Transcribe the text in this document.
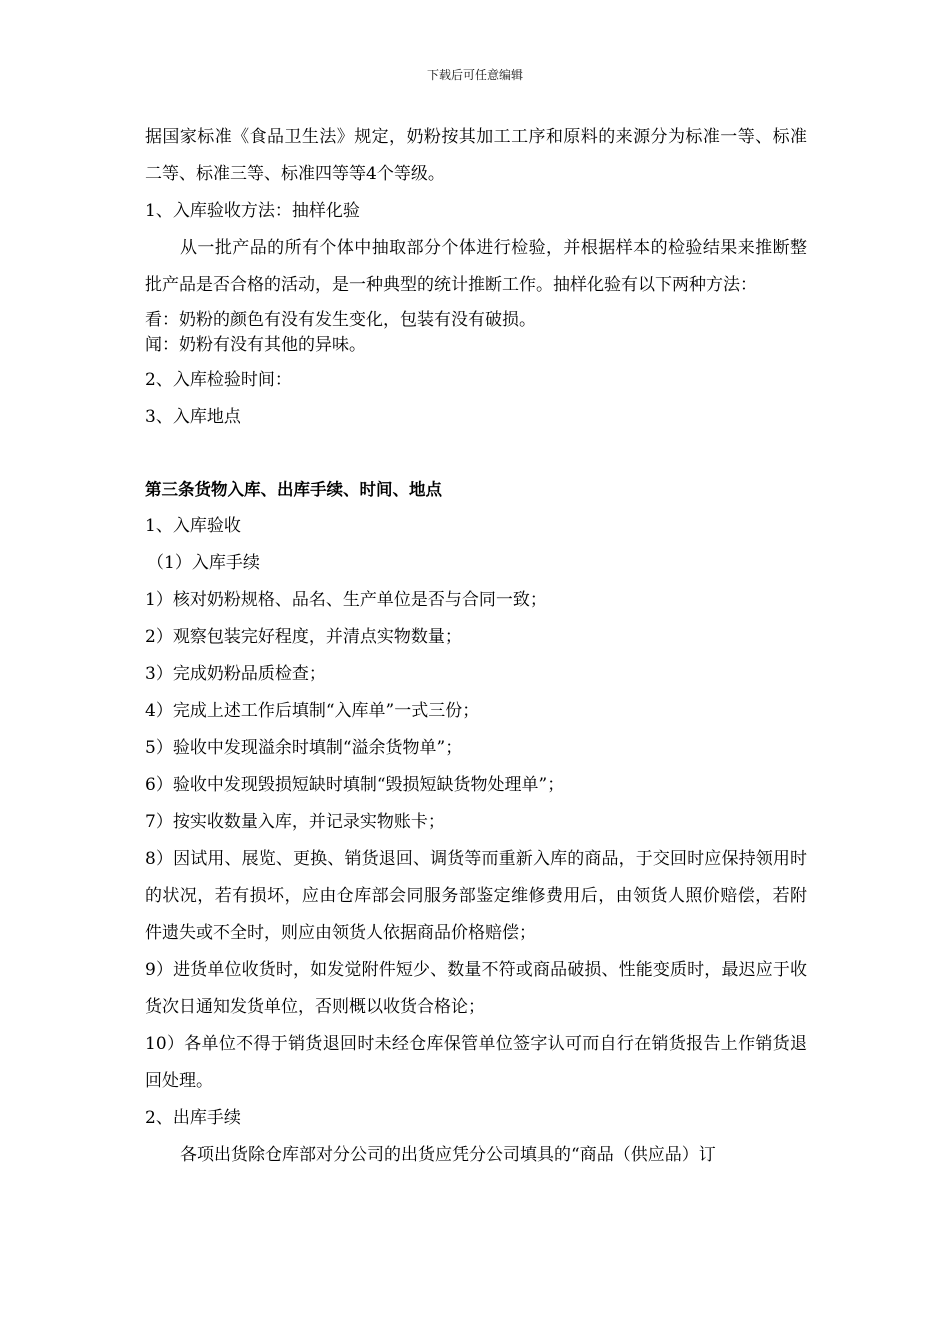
下载后可任意编辑

据国家标准《食品卫生法》规定，奶粉按其加工工序和原料的来源分为标准一等、标准二等、标准三等、标准四等等4个等级。

1、入库验收方法：抽样化验

从一批产品的所有个体中抽取部分个体进行检验，并根据样本的检验结果来推断整批产品是否合格的活动，是一种典型的统计推断工作。抽样化验有以下两种方法：

看：奶粉的颜色有没有发生变化，包装有没有破损。

闻：奶粉有没有其他的异味。

2、入库检验时间：

3、入库地点

第三条货物入库、出库手续、时间、地点

1、入库验收

（1）入库手续

1）核对奶粉规格、品名、生产单位是否与合同一致；

2）观察包装完好程度，并清点实物数量；

3）完成奶粉品质检查；

4）完成上述工作后填制“入库单”一式三份；

5）验收中发现溢余时填制“溢余货物单”；

6）验收中发现毁损短缺时填制“毁损短缺货物处理单”；

7）按实收数量入库，并记录实物账卡；

8）因试用、展览、更换、销货退回、调货等而重新入库的商品，于交回时应保持领用时的状况，若有损坏，应由仓库部会同服务部鉴定维修费用后，由领货人照价赔偿，若附件遗失或不全时，则应由领货人依据商品价格赔偿；

9）进货单位收货时，如发觉附件短少、数量不符或商品破损、性能变质时，最迟应于收货次日通知发货单位，否则概以收货合格论；

10）各单位不得于销货退回时未经仓库保管单位签字认可而自行在销货报告上作销货退回处理。

2、出库手续

各项出货除仓库部对分公司的出货应凭分公司填具的“商品（供应品）订
